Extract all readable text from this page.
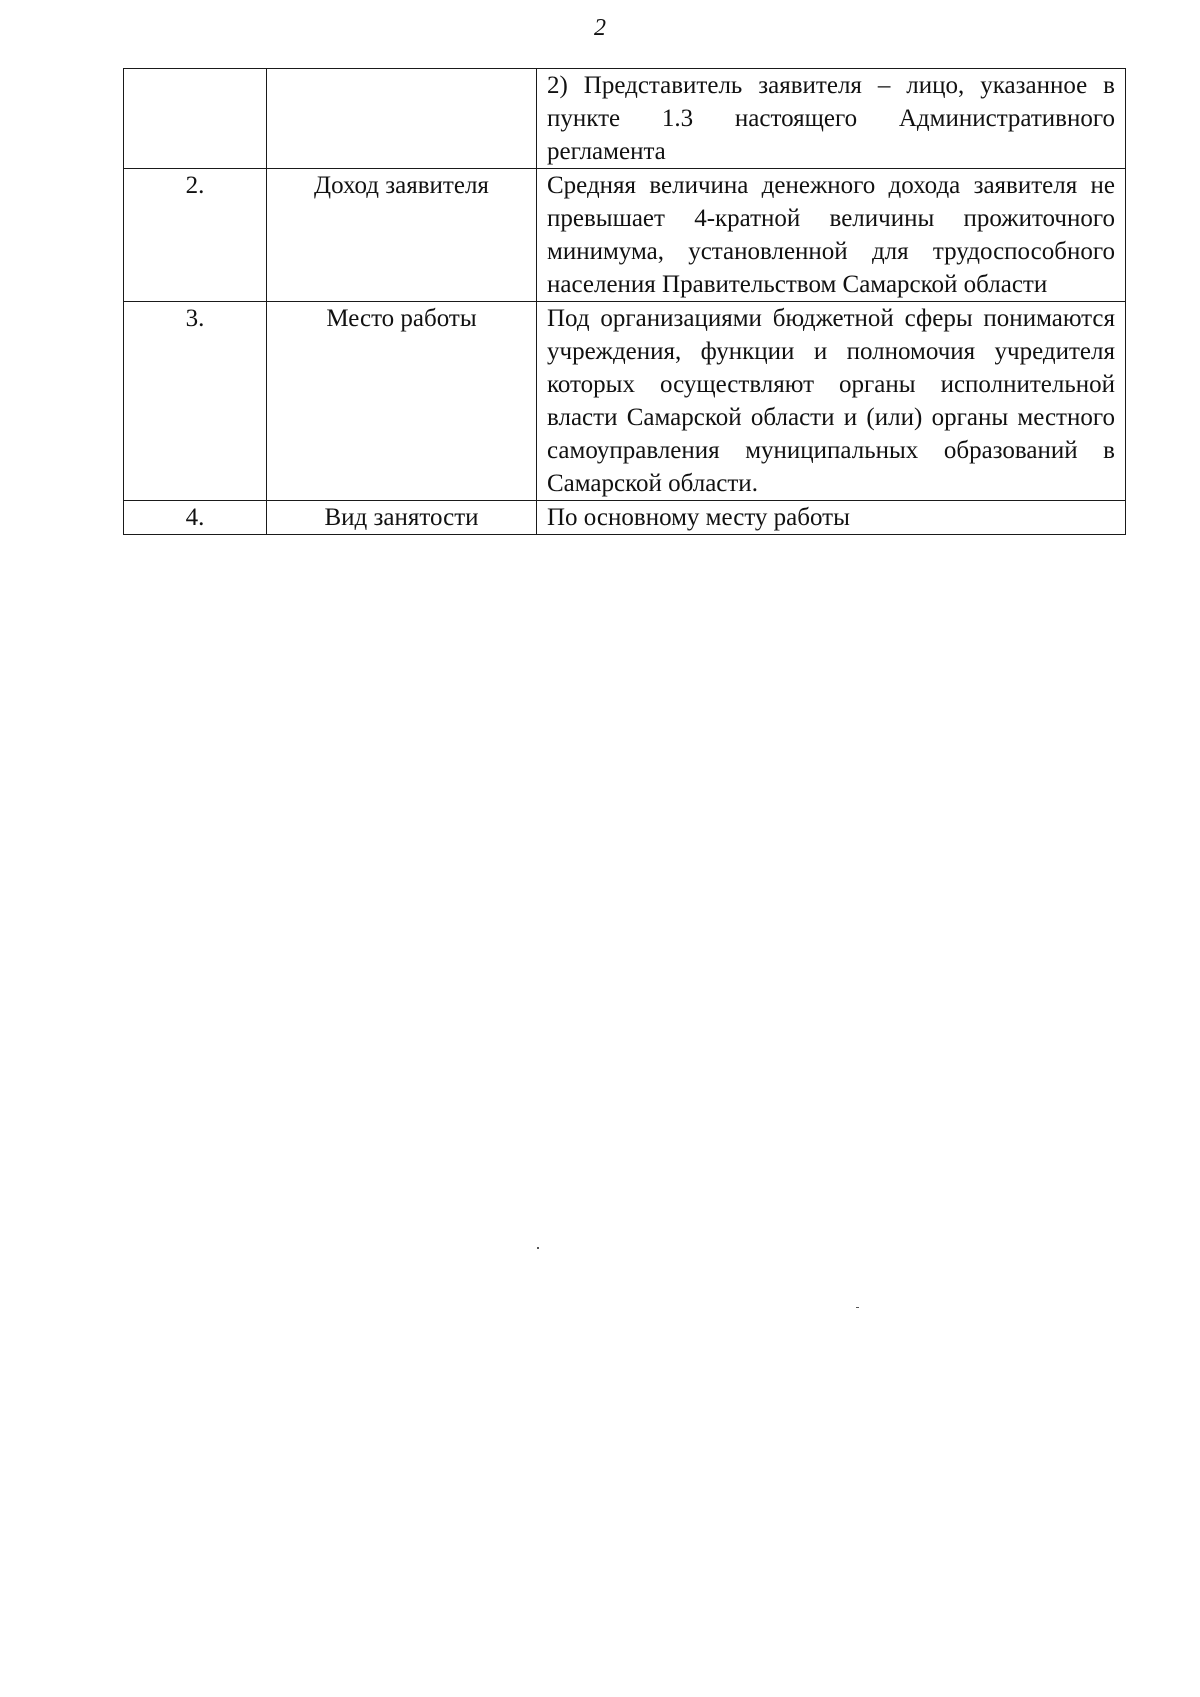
2
		2) Представитель заявителя – лицо, указанное в пункте 1.3 настоящего Административного регламента
2.	Доход заявителя	Средняя величина денежного дохода заявителя не превышает 4-кратной величины прожиточного минимума, установленной для трудоспособного населения Правительством Самарской области
3.	Место работы	Под организациями бюджетной сферы понимаются учреждения, функции и полномочия учредителя которых осуществляют органы исполнительной власти Самарской области и (или) органы местного самоуправления муниципальных образований в Самарской области.
4.	Вид занятости	По основному месту работы
